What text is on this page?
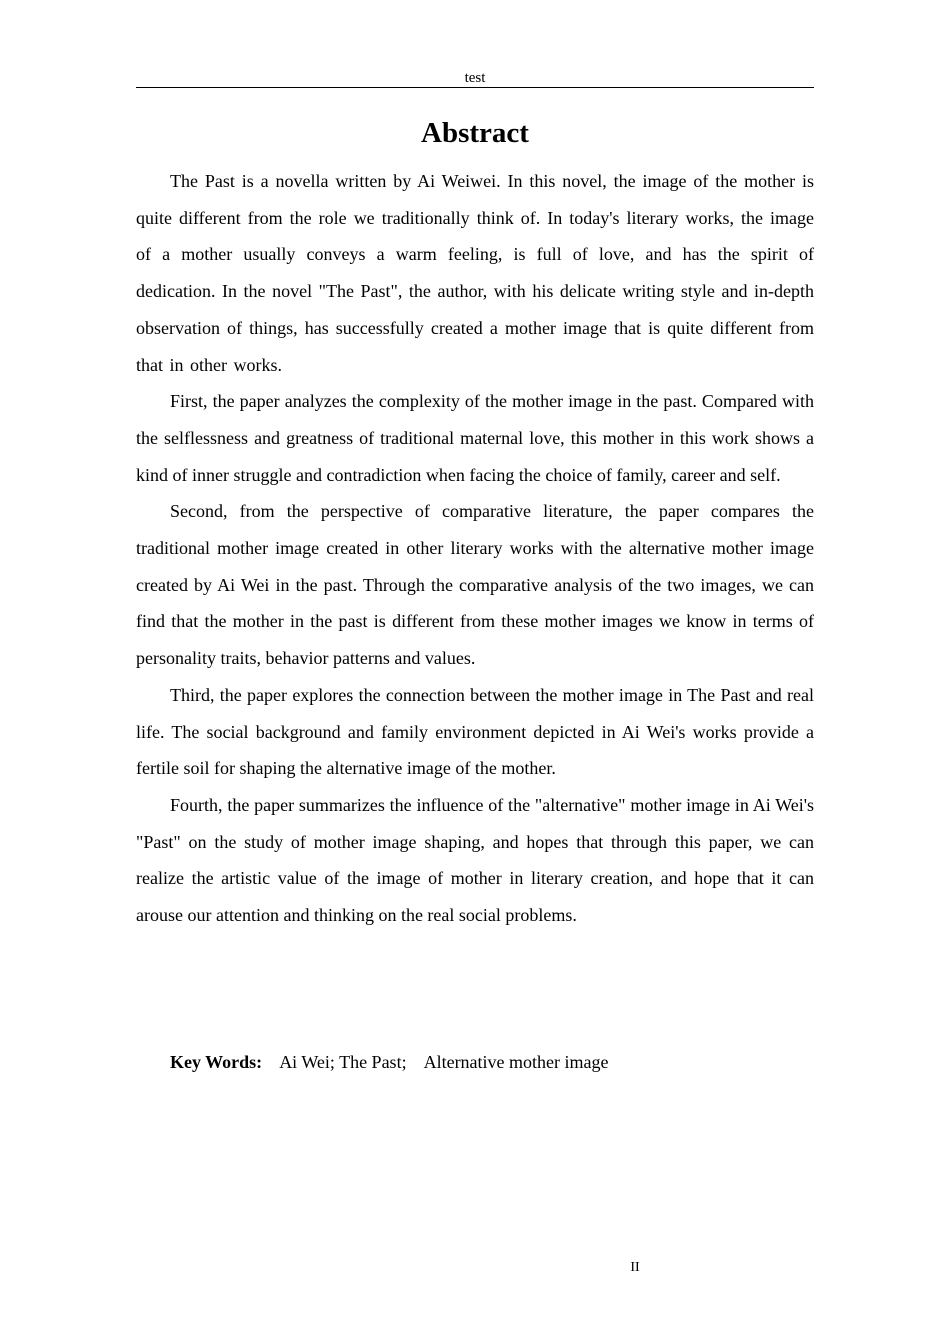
test
Abstract

The Past is a novella written by Ai Weiwei. In this novel, the image of the mother is quite different from the role we traditionally think of. In today's literary works, the image of a mother usually conveys a warm feeling, is full of love, and has the spirit of dedication. In the novel "The Past", the author, with his delicate writing style and in-depth observation of things, has successfully created a mother image that is quite different from that in other works.

First, the paper analyzes the complexity of the mother image in the past. Compared with the selflessness and greatness of traditional maternal love, this mother in this work shows a kind of inner struggle and contradiction when facing the choice of family, career and self.

Second, from the perspective of comparative literature, the paper compares the traditional mother image created in other literary works with the alternative mother image created by Ai Wei in the past. Through the comparative analysis of the two images, we can find that the mother in the past is different from these mother images we know in terms of personality traits, behavior patterns and values.

Third, the paper explores the connection between the mother image in The Past and real life. The social background and family environment depicted in Ai Wei's works provide a fertile soil for shaping the alternative image of the mother.

Fourth, the paper summarizes the influence of the "alternative" mother image in Ai Wei's "Past" on the study of mother image shaping, and hopes that through this paper, we can realize the artistic value of the image of mother in literary creation, and hope that it can arouse our attention and thinking on the real social problems.

Key Words: Ai Wei; The Past;    Alternative mother image
II
